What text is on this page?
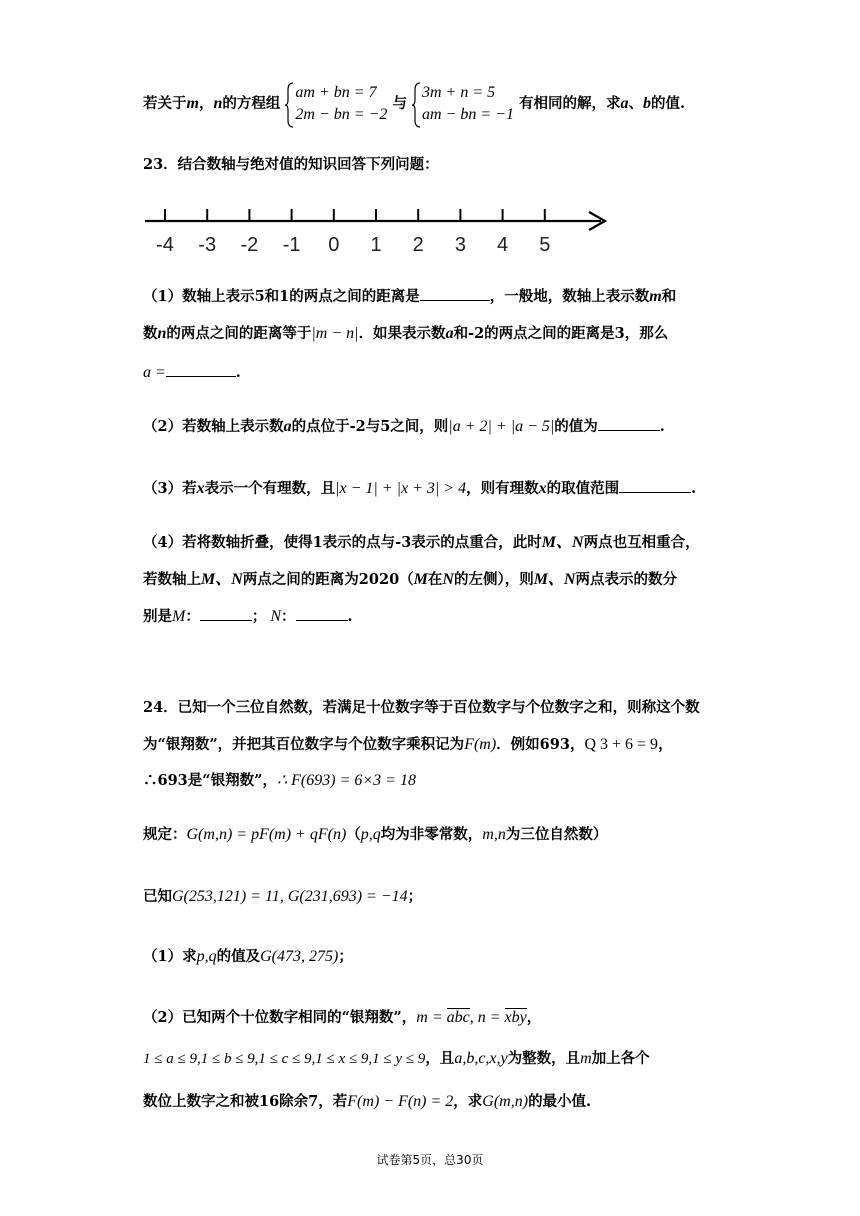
若关于m，n的方程组
am + bn = 7
2m − bn = −2
与
3m + n = 5
am − bn = −1
有相同的解，求a、b的值.
23．结合数轴与绝对值的知识回答下列问题：
-4 -3 -2 -1 0 1 2 3 4 5
（1）数轴上表示5和1的两点之间的距离是	，一般地，数轴上表示数m和
数n的两点之间的距离等于|m − n|．如果表示数a和-2的两点之间的距离是3，那么
a =	.
（2）若数轴上表示数a的点位于-2与5之间，则|a + 2| + |a − 5|的值为	.
（3）若x表示一个有理数，且|x − 1| + |x + 3| > 4，则有理数x的取值范围	.
（4）若将数轴折叠，使得1表示的点与-3表示的点重合，此时M、N两点也互相重合，
若数轴上M、N两点之间的距离为2020（M在N的左侧），则M、N两点表示的数分
别是M：	； N：	.
24．已知一个三位自然数，若满足十位数字等于百位数字与个位数字之和，则称这个数
为“银翔数”，并把其百位数字与个位数字乘积记为F(m)．例如693，Q 3 + 6 = 9，
∴693是“银翔数”，∴ F(693) = 6×3 = 18
规定：G(m,n) = pF(m) + qF(n)（p,q均为非零常数，m,n为三位自然数）
已知G(253,121) = 11, G(231,693) = −14；
（1）求p,q的值及G(473, 275)；
（2）已知两个十位数字相同的“银翔数”，m = abc, n = xby，
1 ≤ a ≤ 9,1 ≤ b ≤ 9,1 ≤ c ≤ 9,1 ≤ x ≤ 9,1 ≤ y ≤ 9，且a,b,c,x,y为整数，且m加上各个
数位上数字之和被16除余7，若F(m) − F(n) = 2，求G(m,n)的最小值.
试卷第5页，总30页
